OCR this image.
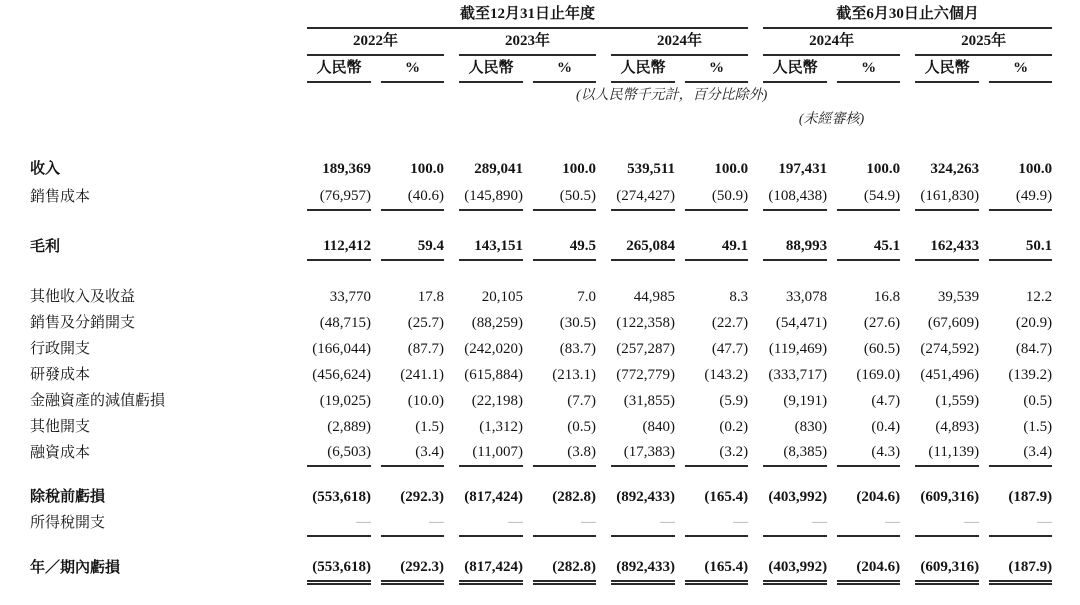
	截至12月31日止年度												截至6月30日止六個月							
	2022年				2023年				2024年				2024年				2025年			
	人民幣		%		人民幣		%		人民幣		%		人民幣		%		人民幣		%	

收入	189,369		100.0		289,041		100.0		539,511		100.0		197,431		100.0		324,263		100.0	
銷售成本	(76,957)		(40.6)		(145,890)		(50.5)		(274,427)		(50.9)		(108,438)		(54.9)		(161,830)		(49.9)	

毛利	112,412		59.4		143,151		49.5		265,084		49.1		88,993		45.1		162,433		50.1	

其他收入及收益	33,770		17.8		20,105		7.0		44,985		8.3		33,078		16.8		39,539		12.2	
銷售及分銷開支	(48,715)		(25.7)		(88,259)		(30.5)		(122,358)		(22.7)		(54,471)		(27.6)		(67,609)		(20.9)	
行政開支	(166,044)		(87.7)		(242,020)		(83.7)		(257,287)		(47.7)		(119,469)		(60.5)		(274,592)		(84.7)	
研發成本	(456,624)		(241.1)		(615,884)		(213.1)		(772,779)		(143.2)		(333,717)		(169.0)		(451,496)		(139.2)	
金融資產的減值虧損	(19,025)		(10.0)		(22,198)		(7.7)		(31,855)		(5.9)		(9,191)		(4.7)		(1,559)		(0.5)	
其他開支	(2,889)		(1.5)		(1,312)		(0.5)		(840)		(0.2)		(830)		(0.4)		(4,893)		(1.5)	
融資成本	(6,503)		(3.4)		(11,007)		(3.8)		(17,383)		(3.2)		(8,385)		(4.3)		(11,139)		(3.4)	

除稅前虧損	(553,618)		(292.3)		(817,424)		(282.8)		(892,433)		(165.4)		(403,992)		(204.6)		(609,316)		(187.9)	
所得稅開支	—		—		—		—		—		—		—		—		—		—	

年／期內虧損	(553,618)		(292.3)		(817,424)		(282.8)		(892,433)		(165.4)		(403,992)		(204.6)		(609,316)		(187.9)	
(以人民幣千元計，百分比除外)
(未經審核)
